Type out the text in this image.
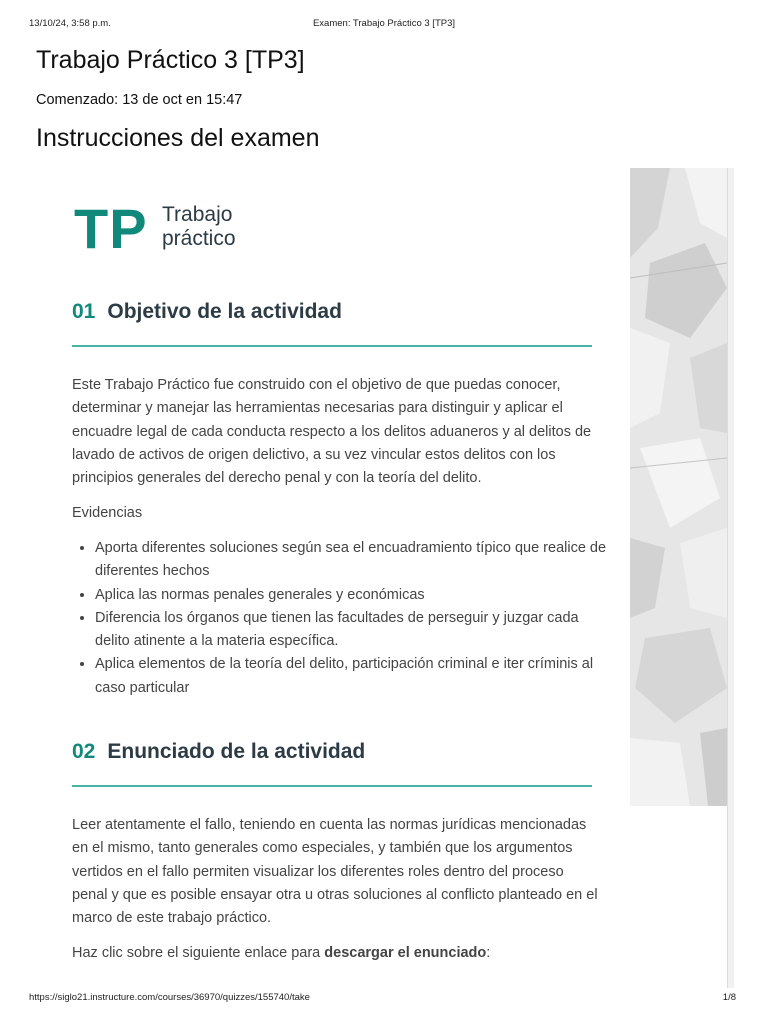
13/10/24, 3:58 p.m.	Examen: Trabajo Práctico 3 [TP3]
Trabajo Práctico 3 [TP3]
Comenzado: 13 de oct en 15:47
Instrucciones del examen
TP Trabajo
práctico
01 Objetivo de la actividad

Este Trabajo Práctico fue construido con el objetivo de que puedas conocer, determinar y manejar las herramientas necesarias para distinguir y aplicar el encuadre legal de cada conducta respecto a los delitos aduaneros y al delitos de lavado de activos de origen delictivo, a su vez vincular estos delitos con los principios generales del derecho penal y con la teoría del delito.

Evidencias

• Aporta diferentes soluciones según sea el encuadramiento típico que realice de diferentes hechos
• Aplica las normas penales generales y económicas
• Diferencia los órganos que tienen las facultades de perseguir y juzgar cada delito atinente a la materia específica.
• Aplica elementos de la teoría del delito, participación criminal e iter críminis al caso particular
02 Enunciado de la actividad

Leer atentamente el fallo, teniendo en cuenta las normas jurídicas mencionadas en el mismo, tanto generales como especiales, y también que los argumentos vertidos en el fallo permiten visualizar los diferentes roles dentro del proceso penal y que es posible ensayar otra u otras soluciones al conflicto planteado en el marco de este trabajo práctico.

Haz clic sobre el siguiente enlace para descargar el enunciado:

https://siglo21.instructure.com/courses/36970/quizzes/155740/take	1/8
